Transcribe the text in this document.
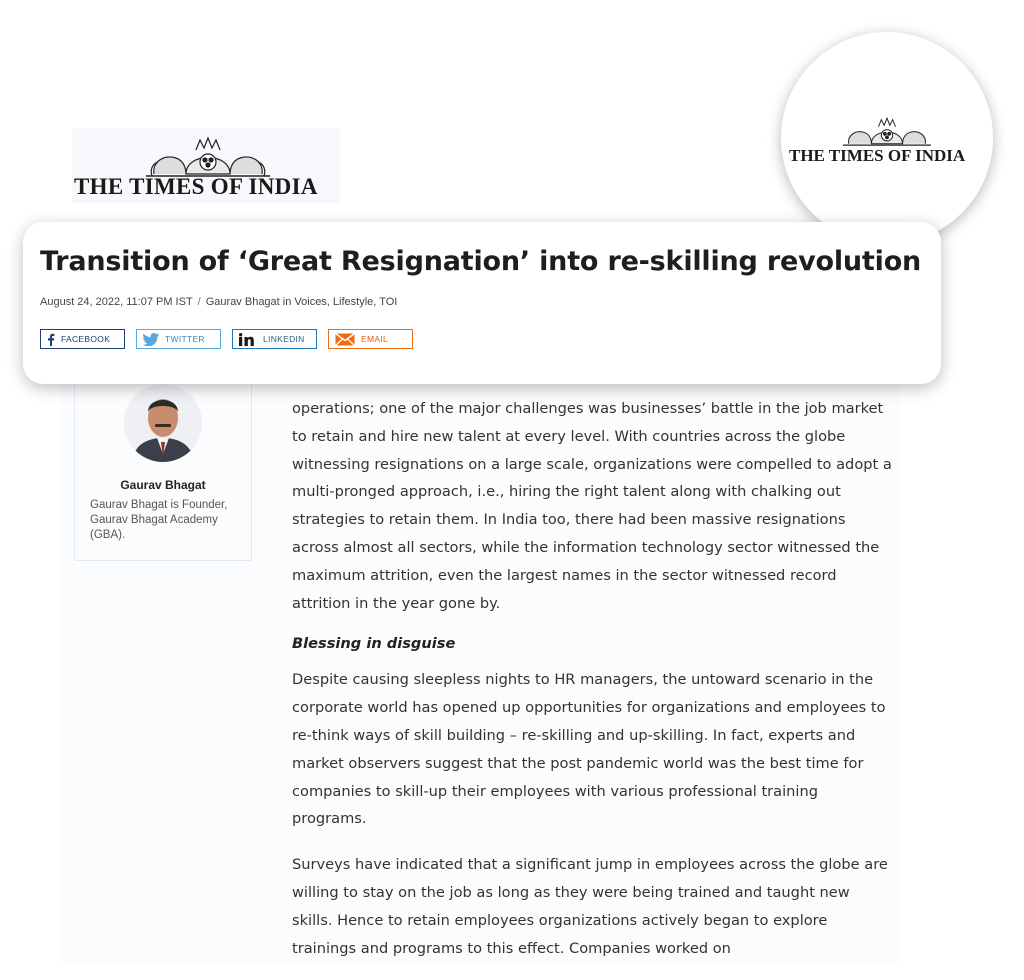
THE TIMES OF INDIA
THE TIMES OF INDIA
Gaurav Bhagat
Gaurav Bhagat is Founder, Gaurav Bhagat Academy (GBA).

operations; one of the major challenges was businesses’ battle in the job market to retain and hire new talent at every level. With countries across the globe witnessing resignations on a large scale, organizations were compelled to adopt a multi-pronged approach, i.e., hiring the right talent along with chalking out strategies to retain them. In India too, there had been massive resignations across almost all sectors, while the information technology sector witnessed the maximum attrition, even the largest names in the sector witnessed record attrition in the year gone by.

Blessing in disguise

Despite causing sleepless nights to HR managers, the untoward scenario in the corporate world has opened up opportunities for organizations and employees to re-think ways of skill building – re-skilling and up-skilling. In fact, experts and market observers suggest that the post pandemic world was the best time for companies to skill-up their employees with various professional training programs.

Surveys have indicated that a significant jump in employees across the globe are willing to stay on the job as long as they were being trained and taught new skills. Hence to retain employees organizations actively began to explore trainings and programs to this effect. Companies worked on

Transition of ‘Great Resignation’ into re-skilling revolution
August 24, 2022, 11:07 PM IST / Gaurav Bhagat in Voices, Lifestyle, TOI
FACEBOOK	TWITTER	LINKEDIN	EMAIL
